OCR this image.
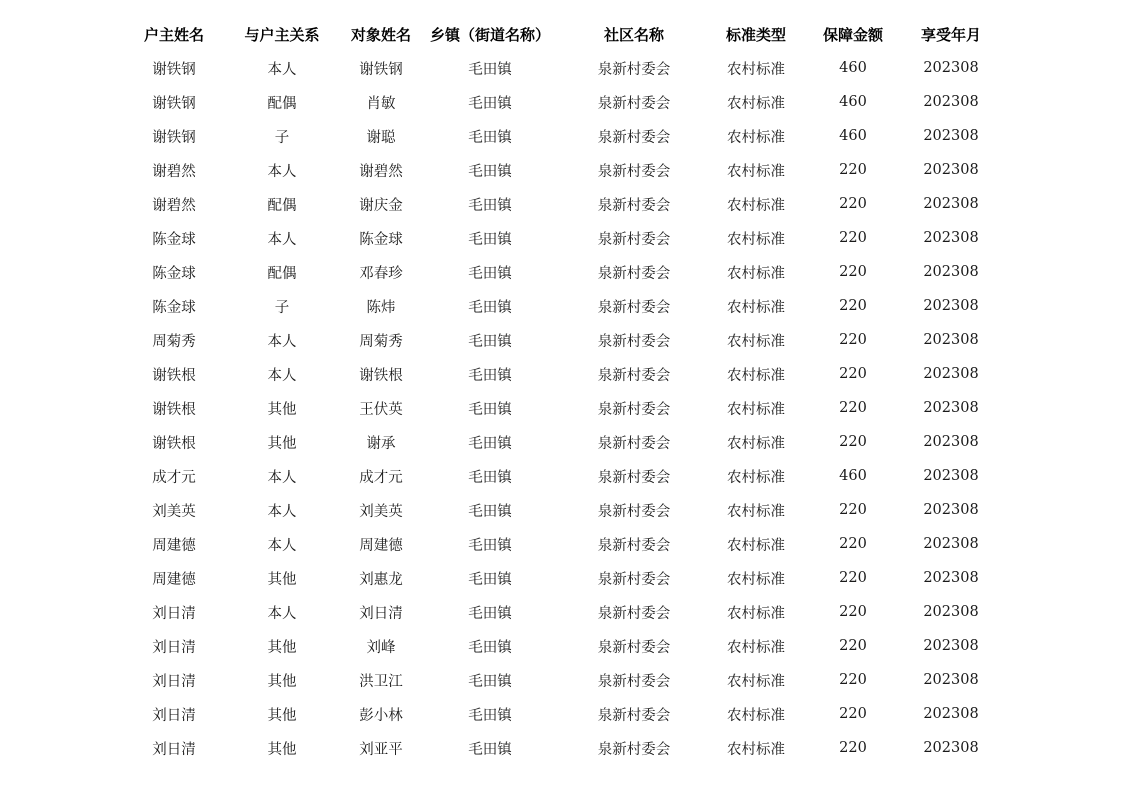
户主姓名	与户主关系	对象姓名	乡镇（街道名称）	社区名称	标准类型	保障金额	享受年月
谢铁钢	本人	谢铁钢	毛田镇	泉新村委会	农村标准	460	202308
谢铁钢	配偶	肖敏	毛田镇	泉新村委会	农村标准	460	202308
谢铁钢	子	谢聪	毛田镇	泉新村委会	农村标准	460	202308
谢碧然	本人	谢碧然	毛田镇	泉新村委会	农村标准	220	202308
谢碧然	配偶	谢庆金	毛田镇	泉新村委会	农村标准	220	202308
陈金球	本人	陈金球	毛田镇	泉新村委会	农村标准	220	202308
陈金球	配偶	邓春珍	毛田镇	泉新村委会	农村标准	220	202308
陈金球	子	陈炜	毛田镇	泉新村委会	农村标准	220	202308
周菊秀	本人	周菊秀	毛田镇	泉新村委会	农村标准	220	202308
谢铁根	本人	谢铁根	毛田镇	泉新村委会	农村标准	220	202308
谢铁根	其他	王伏英	毛田镇	泉新村委会	农村标准	220	202308
谢铁根	其他	谢承	毛田镇	泉新村委会	农村标准	220	202308
成才元	本人	成才元	毛田镇	泉新村委会	农村标准	460	202308
刘美英	本人	刘美英	毛田镇	泉新村委会	农村标准	220	202308
周建德	本人	周建德	毛田镇	泉新村委会	农村标准	220	202308
周建德	其他	刘惠龙	毛田镇	泉新村委会	农村标准	220	202308
刘日清	本人	刘日清	毛田镇	泉新村委会	农村标准	220	202308
刘日清	其他	刘峰	毛田镇	泉新村委会	农村标准	220	202308
刘日清	其他	洪卫江	毛田镇	泉新村委会	农村标准	220	202308
刘日清	其他	彭小林	毛田镇	泉新村委会	农村标准	220	202308
刘日清	其他	刘亚平	毛田镇	泉新村委会	农村标准	220	202308
